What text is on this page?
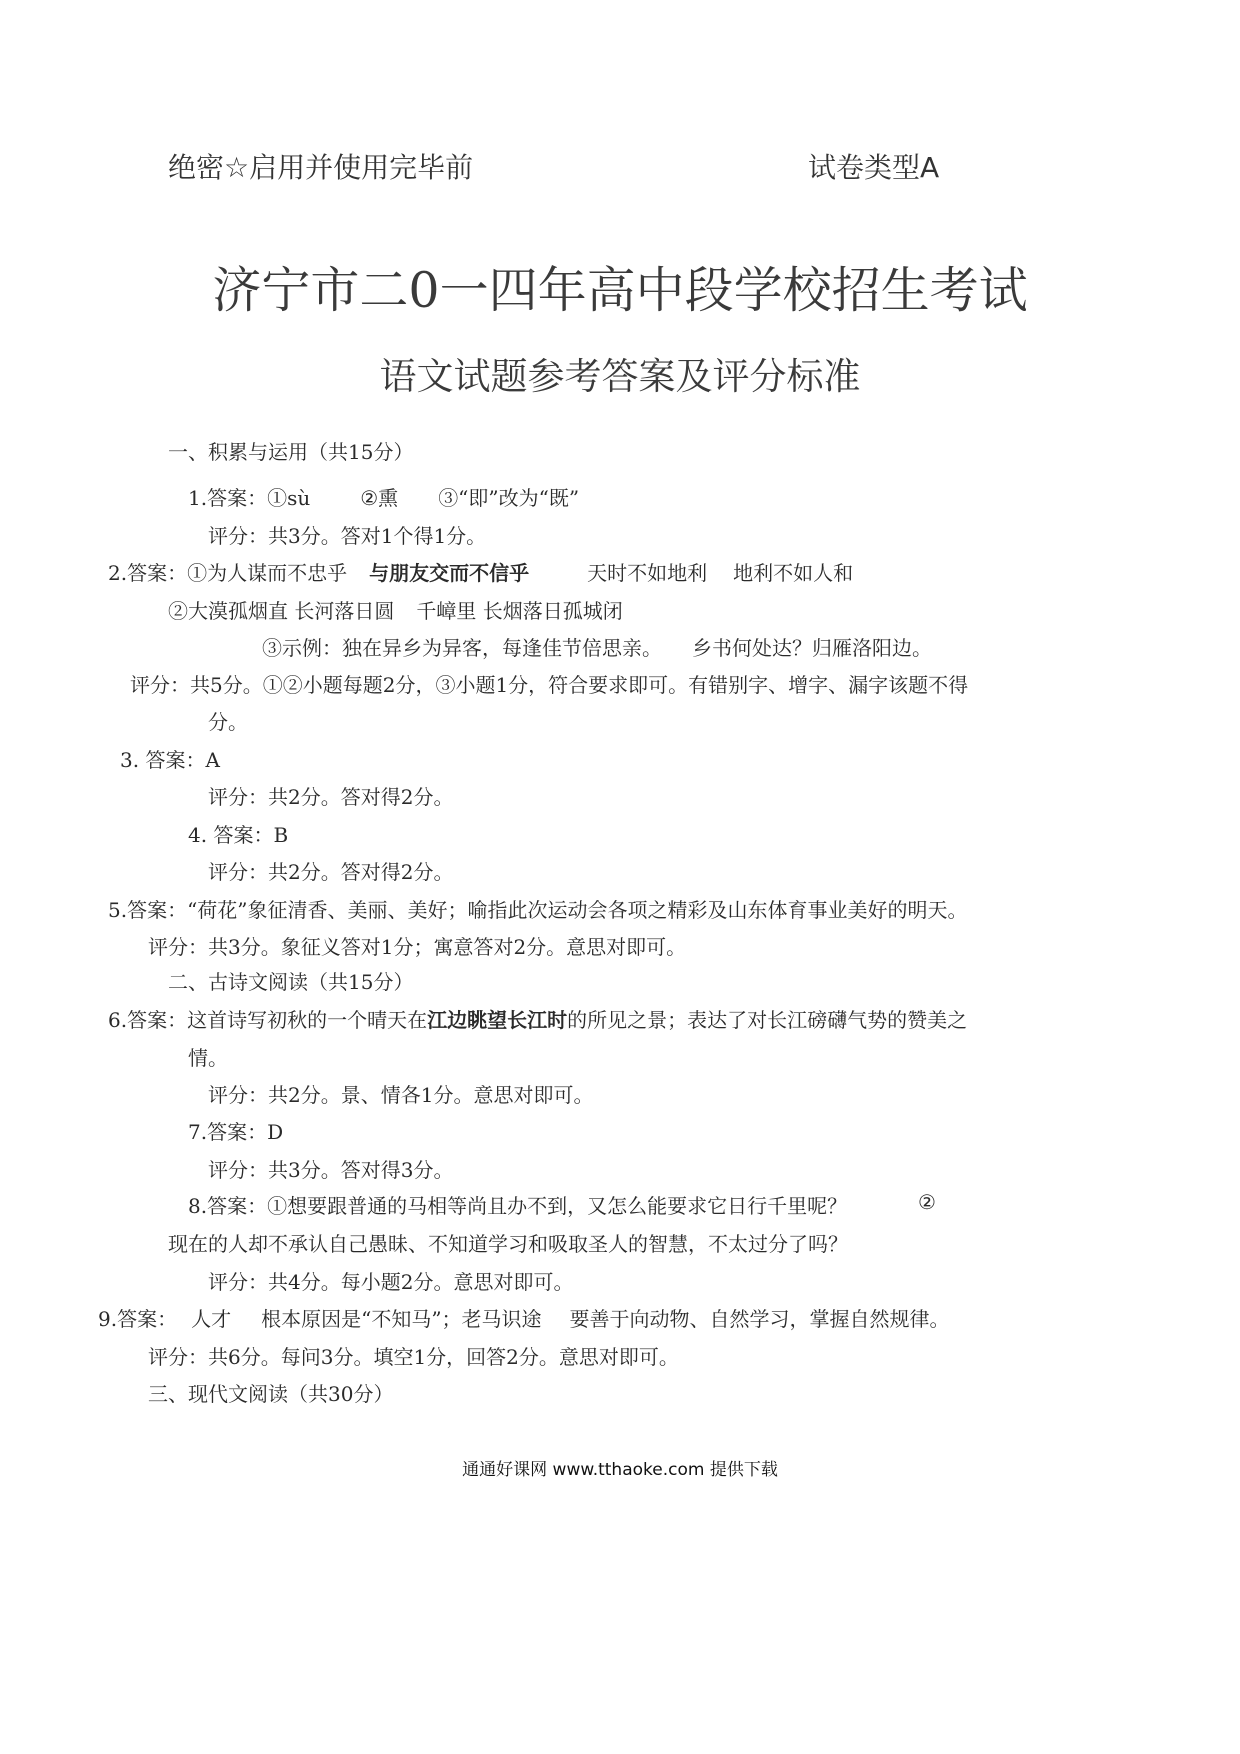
绝密☆启用并使用完毕前	试卷类型A
济宁市二0一四年高中段学校招生考试
语文试题参考答案及评分标准
一、积累与运用（共15分）
1.答案：①sù	②熏 ③“即”改为“既”
评分：共3分。答对1个得1分。
2.答案：①为人谋而不忠乎 与朋友交而不信乎	天时不如地利 地利不如人和
②大漠孤烟直 长河落日圆 千嶂里 长烟落日孤城闭
③示例：独在异乡为异客，每逢佳节倍思亲。 乡书何处达？归雁洛阳边。
评分：共5分。①②小题每题2分，③小题1分，符合要求即可。有错别字、增字、漏字该题不得
分。
3. 答案：A
评分：共2分。答对得2分。
4. 答案：B
评分：共2分。答对得2分。
5.答案：“荷花”象征清香、美丽、美好；喻指此次运动会各项之精彩及山东体育事业美好的明天。
评分：共3分。象征义答对1分；寓意答对2分。意思对即可。
二、古诗文阅读（共15分）
6.答案：这首诗写初秋的一个晴天在江边眺望长江时的所见之景；表达了对长江磅礴气势的赞美之
情。
评分：共2分。景、情各1分。意思对即可。
7.答案：D
评分：共3分。答对得3分。
8.答案：①想要跟普通的马相等尚且办不到，又怎么能要求它日行千里呢？	②
现在的人却不承认自己愚昧、不知道学习和吸取圣人的智慧，不太过分了吗？
评分：共4分。每小题2分。意思对即可。
9.答案： 人才 根本原因是“不知马”；老马识途 要善于向动物、自然学习，掌握自然规律。
评分：共6分。每问3分。填空1分，回答2分。意思对即可。
三、现代文阅读（共30分）
通通好课网 www.tthaoke.com 提供下载
